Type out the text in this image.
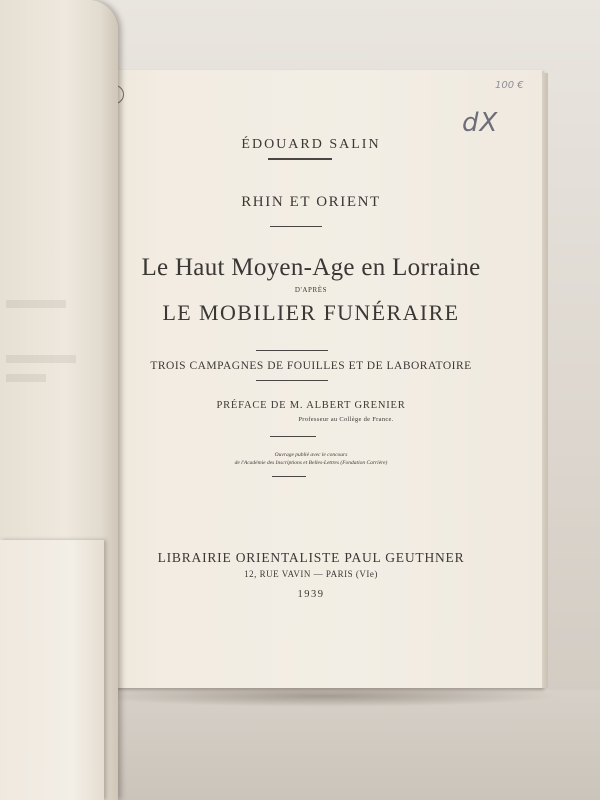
100 €
dX
ÉDOUARD SALIN
RHIN ET ORIENT
Le Haut Moyen-Age en Lorraine
D'APRÈS
LE MOBILIER FUNÉRAIRE
TROIS CAMPAGNES DE FOUILLES ET DE LABORATOIRE
PRÉFACE DE M. ALBERT GRENIER
Professeur au Collège de France.
Ouvrage publié avec le concours
de l'Académie des Inscriptions et Belles-Lettres (Fondation Carrière)
LIBRAIRIE ORIENTALISTE PAUL GEUTHNER
12, RUE VAVIN — PARIS (VIe)
1939
